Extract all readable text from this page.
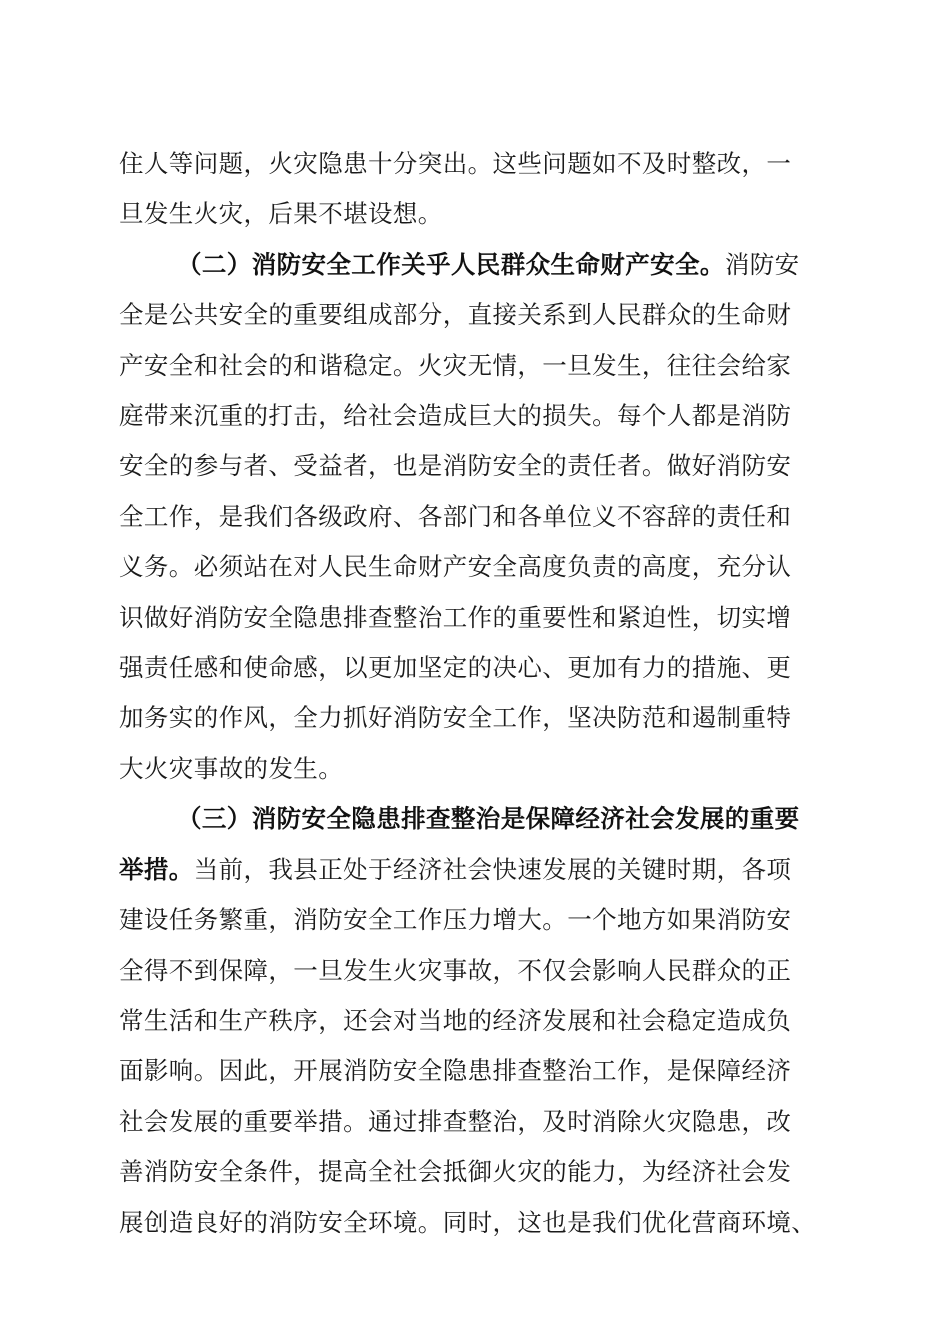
住人等问题，火灾隐患十分突出。这些问题如不及时整改，一
旦发生火灾，后果不堪设想。
（二）消防安全工作关乎人民群众生命财产安全。消防安
全是公共安全的重要组成部分，直接关系到人民群众的生命财
产安全和社会的和谐稳定。火灾无情，一旦发生，往往会给家
庭带来沉重的打击，给社会造成巨大的损失。每个人都是消防
安全的参与者、受益者，也是消防安全的责任者。做好消防安
全工作，是我们各级政府、各部门和各单位义不容辞的责任和
义务。必须站在对人民生命财产安全高度负责的高度，充分认
识做好消防安全隐患排查整治工作的重要性和紧迫性，切实增
强责任感和使命感，以更加坚定的决心、更加有力的措施、更
加务实的作风，全力抓好消防安全工作，坚决防范和遏制重特
大火灾事故的发生。
（三）消防安全隐患排查整治是保障经济社会发展的重要
举措。当前，我县正处于经济社会快速发展的关键时期，各项
建设任务繁重，消防安全工作压力增大。一个地方如果消防安
全得不到保障，一旦发生火灾事故，不仅会影响人民群众的正
常生活和生产秩序，还会对当地的经济发展和社会稳定造成负
面影响。因此，开展消防安全隐患排查整治工作，是保障经济
社会发展的重要举措。通过排查整治，及时消除火灾隐患，改
善消防安全条件，提高全社会抵御火灾的能力，为经济社会发
展创造良好的消防安全环境。同时，这也是我们优化营商环境、
